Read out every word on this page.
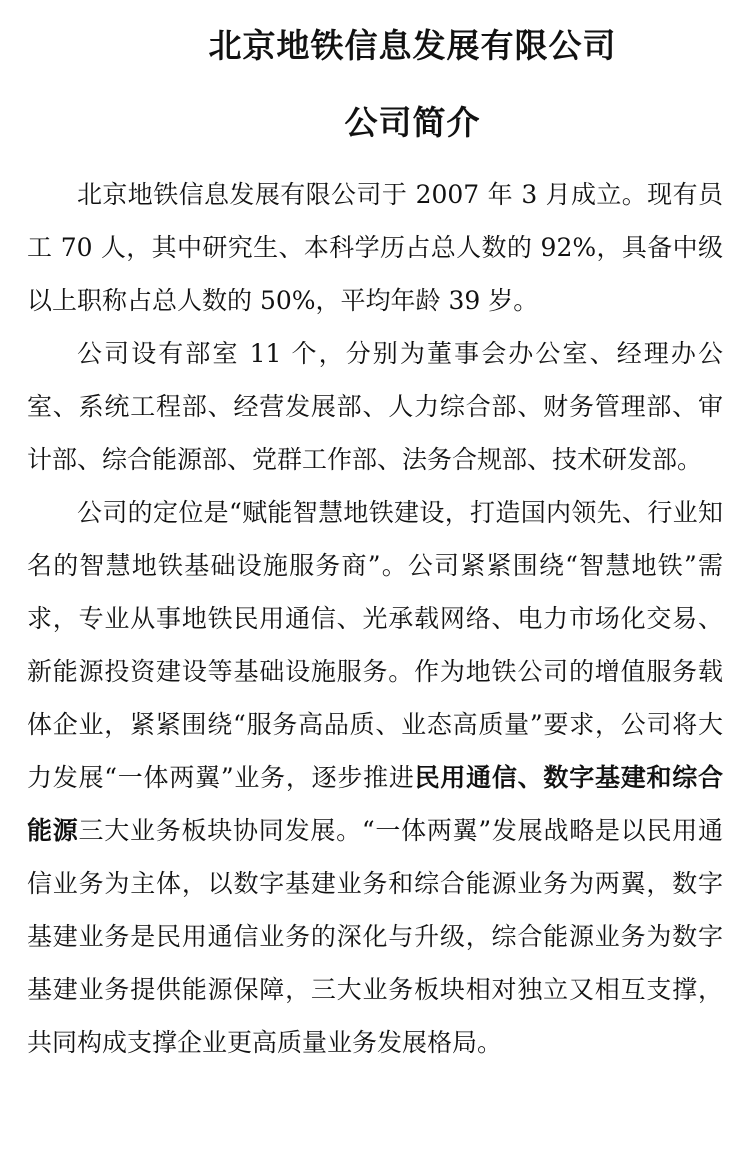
北京地铁信息发展有限公司
公司简介

北京地铁信息发展有限公司于 2007 年 3 月成立。现有员工 70 人，其中研究生、本科学历占总人数的 92%，具备中级以上职称占总人数的 50%，平均年龄 39 岁。

公司设有部室 11 个，分别为董事会办公室、经理办公室、系统工程部、经营发展部、人力综合部、财务管理部、审计部、综合能源部、党群工作部、法务合规部、技术研发部。

公司的定位是“赋能智慧地铁建设，打造国内领先、行业知名的智慧地铁基础设施服务商”。公司紧紧围绕“智慧地铁”需求，专业从事地铁民用通信、光承载网络、电力市场化交易、新能源投资建设等基础设施服务。作为地铁公司的增值服务载体企业，紧紧围绕“服务高品质、业态高质量”要求，公司将大力发展“一体两翼”业务，逐步推进民用通信、数字基建和综合能源三大业务板块协同发展。“一体两翼”发展战略是以民用通信业务为主体，以数字基建业务和综合能源业务为两翼，数字基建业务是民用通信业务的深化与升级，综合能源业务为数字基建业务提供能源保障，三大业务板块相对独立又相互支撑，共同构成支撑企业更高质量业务发展格局。
